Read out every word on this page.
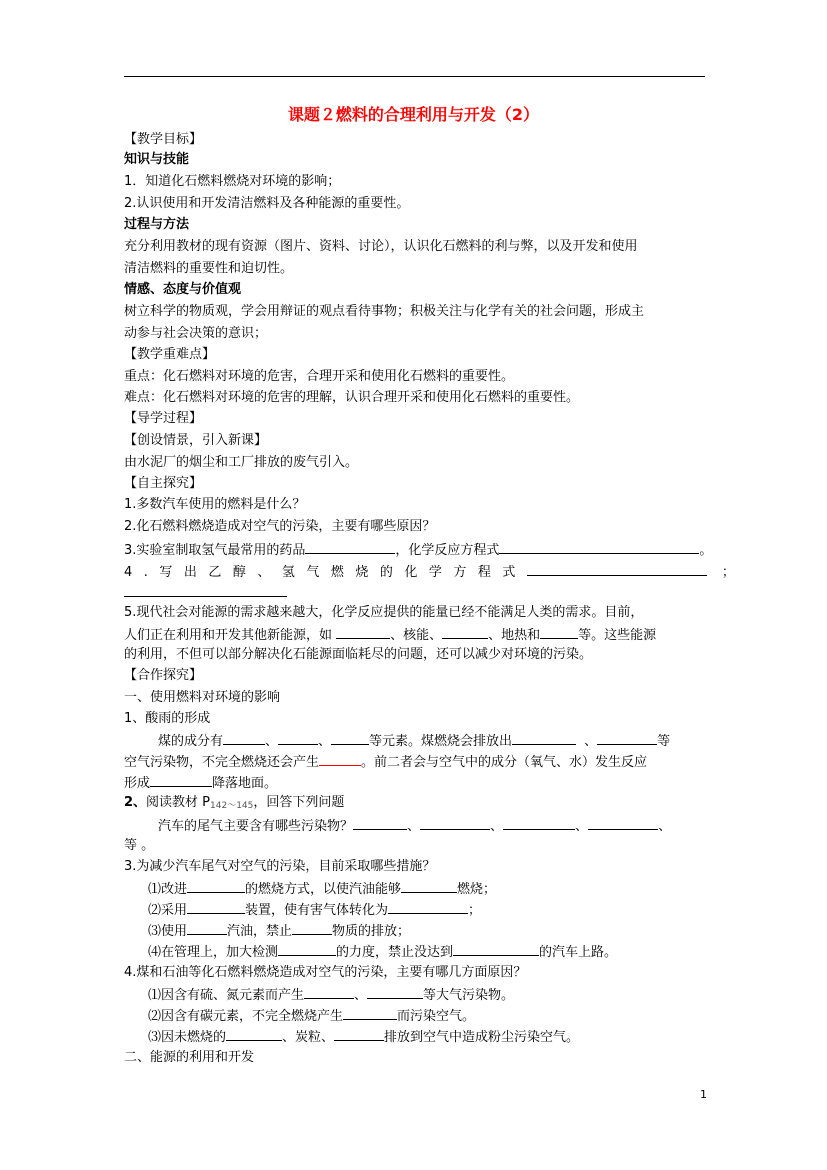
课题２燃料的合理利用与开发（2）
【教学目标】
知识与技能
1．知道化石燃料燃烧对环境的影响；
2.认识使用和开发清洁燃料及各种能源的重要性。
过程与方法
充分利用教材的现有资源（图片、资料、讨论），认识化石燃料的利与弊，以及开发和使用
清洁燃料的重要性和迫切性。
情感、态度与价值观
树立科学的物质观，学会用辩证的观点看待事物；积极关注与化学有关的社会问题，形成主
动参与社会决策的意识；
【教学重难点】
重点：化石燃料对环境的危害，合理开采和使用化石燃料的重要性。
难点：化石燃料对环境的危害的理解，认识合理开采和使用化石燃料的重要性。
【导学过程】
【创设情景，引入新课】
由水泥厂的烟尘和工厂排放的废气引入。
【自主探究】
1.多数汽车使用的燃料是什么？
2.化石燃料燃烧造成对空气的污染，主要有哪些原因？
3.实验室制取氢气最常用的药品	，化学反应方程式	。
4.写出乙醇、氢气燃烧的化学方程式	；
5.现代社会对能源的需求越来越大，化学反应提供的能量已经不能满足人类的需求。目前，
人们正在利用和开发其他新能源，如	、核能、	、地热和	等。这些能源
的利用，不但可以部分解决化石能源面临耗尽的问题，还可以减少对环境的污染。
【合作探究】
一、使用燃料对环境的影响
1、酸雨的形成
煤的成分有	、	、	等元素。煤燃烧会排放出	、	等
空气污染物，不完全燃烧还会产生	。前二者会与空气中的成分（氧气、水）发生反应
形成	降落地面。
2、阅读教材 $P_{142\sim 145}$，回答下列问题
汽车的尾气主要含有哪些污染物？	、	、	、	、
等 。
3.为减少汽车尾气对空气的污染，目前采取哪些措施？
⑴改进	的燃烧方式，以使汽油能够	燃烧；
⑵采用	装置，使有害气体转化为	；
⑶使用	汽油，禁止	物质的排放；
⑷在管理上，加大检测	的力度，禁止没达到	的汽车上路。
4.煤和石油等化石燃料燃烧造成对空气的污染，主要有哪几方面原因？
⑴因含有硫、氮元素而产生	、	等大气污染物。
⑵因含有碳元素，不完全燃烧产生	而污染空气。
⑶因未燃烧的	、炭粒、	排放到空气中造成粉尘污染空气。
二、能源的利用和开发
1
